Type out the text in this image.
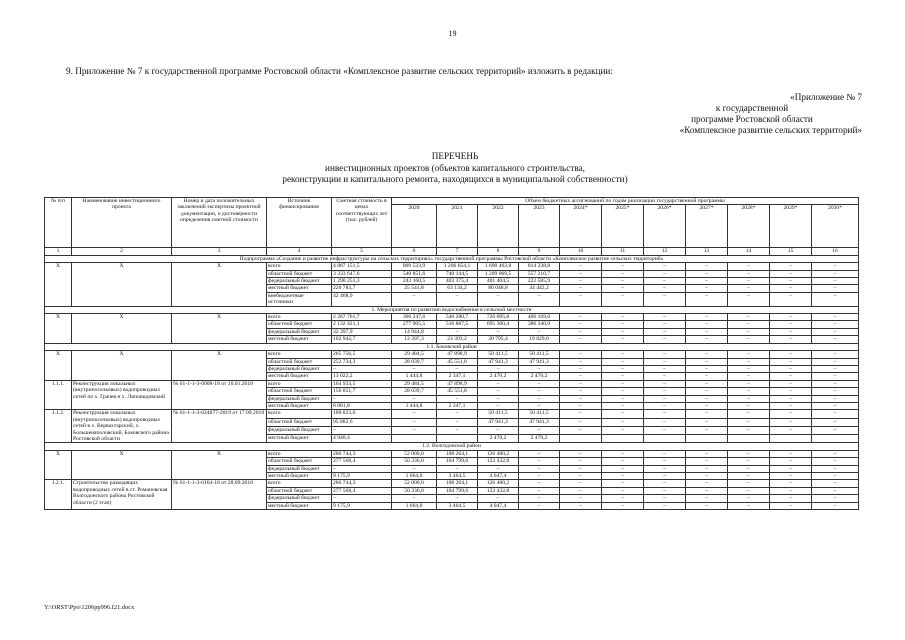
19
9. Приложение № 7 к государственной программе Ростовской области «Комплексное развитие сельских территорий» изложить в редакции:
«Приложение № 7
к государственной
программе Ростовской области
«Комплексное развитие сельских территорий»
ПЕРЕЧЕНЬ
инвестиционных проектов (объектов капитального строительства,
реконструкции и капитального ремонта, находящихся в муниципальной собственности)
№ п/п	Наименование инвестиционного проекта	Номер и дата положительных заключений экспертизы проектной документации, о достоверности определения сметной стоимости	Источник финансирования	Сметная стоимость в ценах соответствующих лет (тыс. рублей)	Объем бюджетных ассигнований по годам реализации государственной программы										
					2020	2021	2022	2023	2024*	2025*	2026*	2027*	2028*	2029*	2030*
1	2	3	4	5	6	7	8	9	10	11	12	13	14	15	16
Подпрограмма «Создание и развитие инфраструктуры на сельских территориях» государственной программы Ростовской области «Комплексное развитие сельских территорий»															
Х	Х	Х	всего	4 887 151,5	809 533,9	1 206 654,1	1 690 462,8	814 238,8	–	–	–	–	–	–	–
			областной бюджет	3 333 647,6	540 851,6	740 144,5	1 209 069,5	557 210,7	–	–	–	–	–	–	–
			федеральный бюджет	1 290 251,3	243 160,5	403 375,4	401 404,5	222 585,9	–	–	–	–	–	–	–
			местный бюджет	220 783,7	25 541,8	63 134,2	80 048,8	34 442,2	–	–	–	–	–	–	–
			внебюджетные источники	42 468,9	–	–	–	–	–	–	–	–	–	–	–
1. Мероприятия по развитию водоснабжения в сельской местности															
Х	Х	Х	всего	2 267 761,7	306 247,6	540 280,7	726 095,8	406 169,6	–	–	–	–	–	–	–
			областной бюджет	2 132 421,1	277 905,5	516 887,5	695 300,4	386 340,0	–	–	–	–	–	–	–
			федеральный бюджет	32 397,9	14 944,8	–	–	–	–	–	–	–	–	–	–
			местный бюджет	102 942,7	13 397,3	23 393,2	30 795,4	19 829,6	–	–	–	–	–	–	–
1.1. Боковский район															
Х	Х	Х	всего	265 756,5	29 484,5	47 898,9	50 411,5	50 411,5	–	–	–	–	–	–	–
			областной бюджет	252 734,3	28 039,7	45 551,8	47 941,3	47 941,3	–	–	–	–	–	–	–
			федеральный бюджет	–	–	–	–	–	–	–	–	–	–	–	–
			местный бюджет	13 022,2	1 444,8	2 347,1	2 470,2	2 470,2	–	–	–	–	–	–	–
1.1.1.	Реконструкция локальных (внутрипоселковых) водопроводных сетей по х. Грачев и х. Липовидовский	№ 61-1-1-3-0008-18 от 16.01.2018	всего	164 933,5	29 484,5	47 898,9	–	–	–	–	–	–	–	–	–
			областной бюджет	156 851,7	28 039,7	45 551,8	–	–	–	–	–	–	–	–	–
			федеральный бюджет	–	–	–	–	–	–	–	–	–	–	–	–
			местный бюджет	8 081,8	1 444,8	2 347,1	–	–	–	–	–	–	–	–	–
1.1.2.	Реконструкция локальных (внутрипоселковых) водопроводных сетей в х. Вервахтарский, х. Большенаполовский, Боковского района Ростовской области	№ 61-1-1-3-024877-2019 от 17.09.2019	всего	100 823,0	–	–	50 411,5	50 411,5	–	–	–	–	–	–	–
			областной бюджет	95 882,6	–	–	47 941,3	47 941,3	–	–	–	–	–	–	–
			федеральный бюджет	–	–	–	–	–	–	–	–	–	–	–	–
			местный бюджет	4 940,4			2 470,2	2 470,2							
1.2. Волгодонской район															
Х	Х	Х	всего	286 744,3	52 000,0	108 264,1	126 480,2	–	–	–	–	–	–	–	–
			областной бюджет	277 568,4	50 336,0	104 799,6	122 432,8	–	–	–	–	–	–	–	–
			федеральный бюджет	–	–	–	–	–	–	–	–	–	–	–	–
			местный бюджет	9 175,9	1 664,0	3 464,5	4 047,4	–	–	–	–	–	–	–	–
1.2.1.	Строительство разводящих водопроводных сетей в ст. Романовская Волгодонского района Ростовской области (2 этап)	№ 61-1-1-3-0164-18 от 28.09.2018	всего	286 744,3	52 000,0	108 264,1	126 480,2	–	–	–	–	–	–	–	–
			областной бюджет	277 568,4	50 336,0	104 799,6	122 432,8	–	–	–	–	–	–	–	–
			федеральный бюджет	–	–	–	–	–	–	–	–	–	–	–	–
			местный бюджет	9 175,9	1 664,0	3 464,5	4 047,4	–	–	–	–	–	–	–	–
Y:\ORST\Ppo\1206pp996.f21.docx
